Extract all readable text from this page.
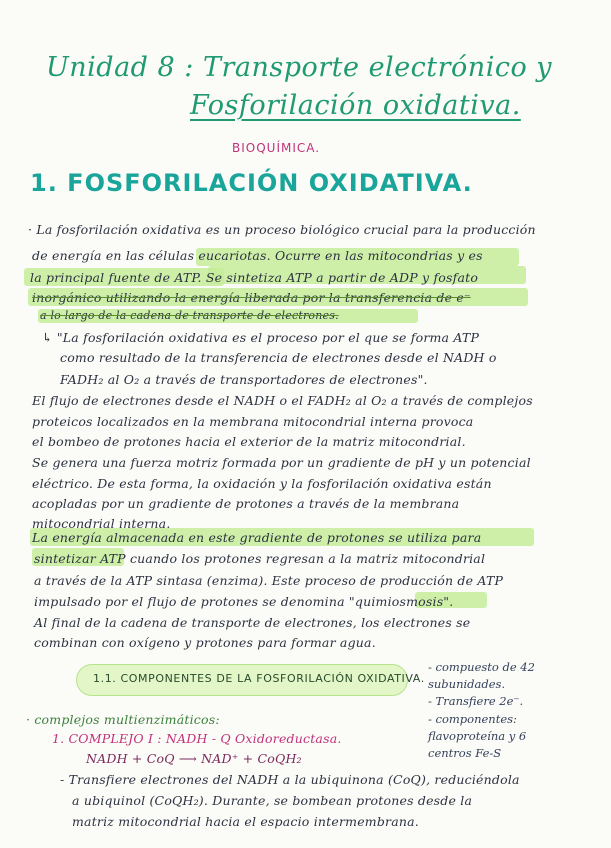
Unidad 8 : Transporte electrónico y
Fosforilación oxidativa.
BIOQUÍMICA.
1. FOSFORILACIÓN OXIDATIVA.
· La fosforilación oxidativa es un proceso biológico crucial para la producción
de energía en las células eucariotas. Ocurre en las mitocondrias y es
la principal fuente de ATP. Se sintetiza ATP a partir de ADP y fosfato
inorgánico utilizando la energía liberada por la transferencia de e⁻
a lo largo de la cadena de transporte de electrones.
↳ "La fosforilación oxidativa es el proceso por el que se forma ATP
como resultado de la transferencia de electrones desde el NADH o
FADH₂ al O₂ a través de transportadores de electrones".
El flujo de electrones desde el NADH o el FADH₂ al O₂ a través de complejos
proteicos localizados en la membrana mitocondrial interna provoca
el bombeo de protones hacia el exterior de la matriz mitocondrial.
Se genera una fuerza motriz formada por un gradiente de pH y un potencial
eléctrico. De esta forma, la oxidación y la fosforilación oxidativa están
acopladas por un gradiente de protones a través de la membrana
mitocondrial interna.
La energía almacenada en este gradiente de protones se utiliza para
sintetizar ATP cuando los protones regresan a la matriz mitocondrial
a través de la ATP sintasa (enzima). Este proceso de producción de ATP
impulsado por el flujo de protones se denomina "quimiosmosis".
Al final de la cadena de transporte de electrones, los electrones se
combinan con oxígeno y protones para formar agua.
1.1. COMPONENTES DE LA FOSFORILACIÓN OXIDATIVA.
- compuesto de 42
subunidades.
- Transfiere 2e⁻.
- componentes:
flavoproteína y 6
centros Fe-S
· complejos multienzimáticos:
1. COMPLEJO I : NADH - Q Oxidoreductasa.
NADH + CoQ ⟶ NAD⁺ + CoQH₂
- Transfiere electrones del NADH a la ubiquinona (CoQ), reduciéndola
a ubiquinol (CoQH₂). Durante, se bombean protones desde la
matriz mitocondrial hacia el espacio intermembrana.
